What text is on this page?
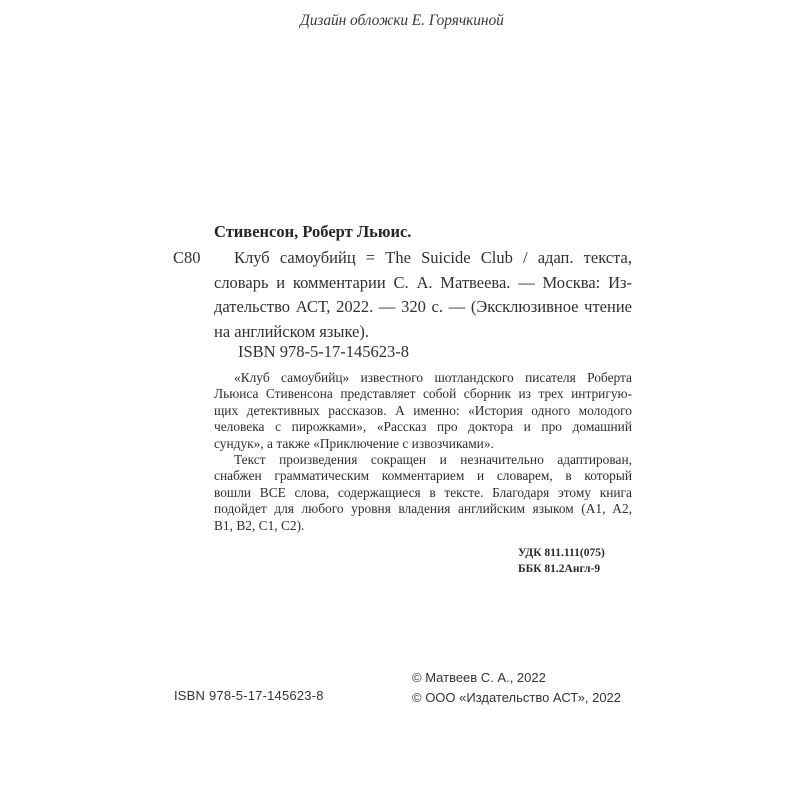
Дизайн обложки Е. Горячкиной
Стивенсон, Роберт Льюис.
С80	Клуб самоубийц = The Suicide Club / адап. текста,
словарь и комментарии С. А. Матвеева. — Москва: Из-
дательство АСТ, 2022. — 320 с. — (Эксклюзивное чтение
на английском языке).
ISBN 978-5-17-145623-8
«Клуб самоубийц» известного шотландского писателя Роберта
Льюиса Стивенсона представляет собой сборник из трех интригую-
щих детективных рассказов. А именно: «История одного молодого
человека с пирожками», «Рассказ про доктора и про домашний
сундук», а также «Приключение с извозчиками».
Текст произведения сокращен и незначительно адаптирован,
снабжен грамматическим комментарием и словарем, в который
вошли ВСЕ слова, содержащиеся в тексте. Благодаря этому книга
подойдет для любого уровня владения английским языком (A1, A2,
B1, B2, C1, C2).
УДК 811.111(075)
ББК 81.2Англ-9
ISBN 978-5-17-145623-8
© Матвеев С. А., 2022
© ООО «Издательство АСТ», 2022
